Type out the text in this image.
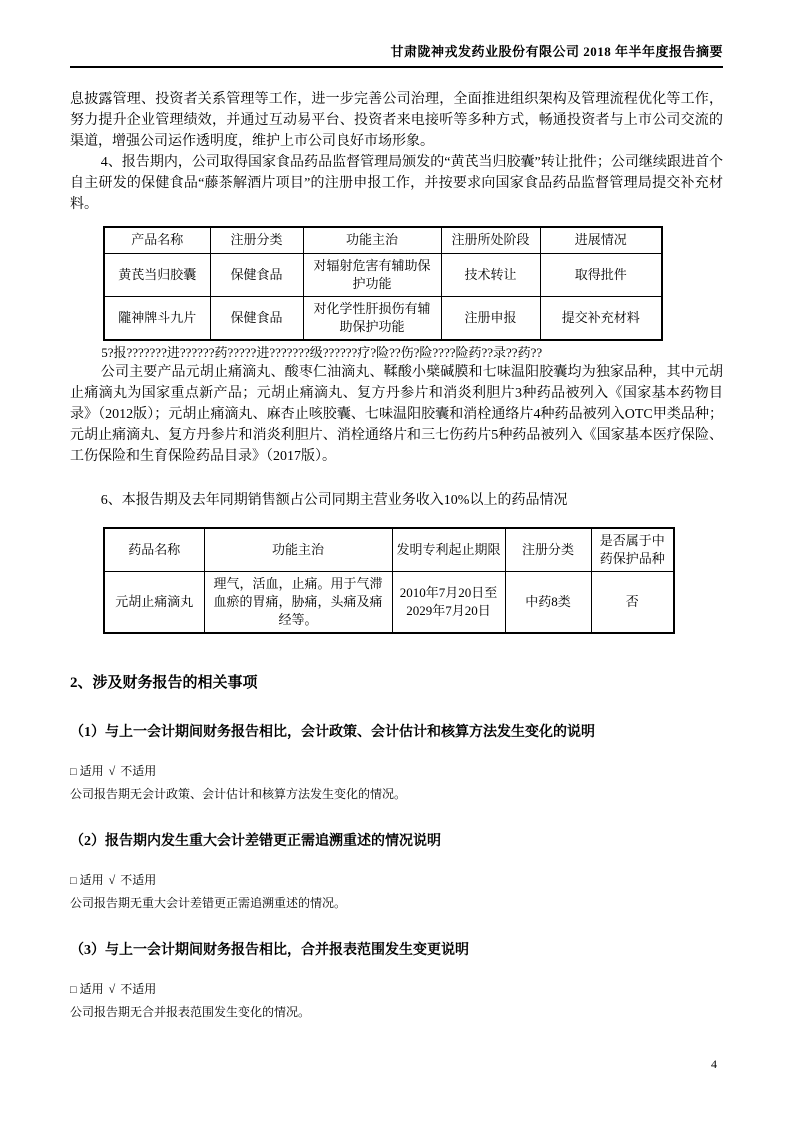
甘肃陇神戎发药业股份有限公司 2018 年半年度报告摘要
息披露管理、投资者关系管理等工作，进一步完善公司治理，全面推进组织架构及管理流程优化等工作，努力提升企业管理绩效，并通过互动易平台、投资者来电接听等多种方式，畅通投资者与上市公司交流的渠道，增强公司运作透明度，维护上市公司良好市场形象。
4、报告期内，公司取得国家食品药品监督管理局颁发的“黄芪当归胶囊”转让批件；公司继续跟进首个自主研发的保健食品“藤茶解酒片项目”的注册申报工作，并按要求向国家食品药品监督管理局提交补充材料。
产品名称	注册分类	功能主治	注册所处阶段	进展情况
黄芪当归胶囊	保健食品	对辐射危害有辅助保护功能	技术转让	取得批件
隴神牌斗九片	保健食品	对化学性肝损伤有辅助保护功能	注册申报	提交补充材料
5?报???????进??????药?????进???????级??????疗?险??伤?险????险药??录??药??
公司主要产品元胡止痛滴丸、酸枣仁油滴丸、鞣酸小檗碱膜和七味温阳胶囊均为独家品种，其中元胡止痛滴丸为国家重点新产品；元胡止痛滴丸、复方丹参片和消炎利胆片3种药品被列入《国家基本药物目录》（2012版）；元胡止痛滴丸、麻杏止咳胶囊、七味温阳胶囊和消栓通络片4种药品被列入OTC甲类品种；元胡止痛滴丸、复方丹参片和消炎利胆片、消栓通络片和三七伤药片5种药品被列入《国家基本医疗保险、工伤保险和生育保险药品目录》（2017版）。
6、本报告期及去年同期销售额占公司同期主营业务收入10%以上的药品情况
药品名称	功能主治	发明专利起止期限	注册分类	是否属于中药保护品种
元胡止痛滴丸	理气，活血，止痛。用于气滞血瘀的胃痛，胁痛，头痛及痛经等。	2010年7月20日至 2029年7月20日	中药8类	否
2、涉及财务报告的相关事项
（1）与上一会计期间财务报告相比，会计政策、会计估计和核算方法发生变化的说明
□ 适用 √ 不适用
公司报告期无会计政策、会计估计和核算方法发生变化的情况。
（2）报告期内发生重大会计差错更正需追溯重述的情况说明
□ 适用 √ 不适用
公司报告期无重大会计差错更正需追溯重述的情况。
（3）与上一会计期间财务报告相比，合并报表范围发生变更说明
□ 适用 √ 不适用
公司报告期无合并报表范围发生变化的情况。
4
